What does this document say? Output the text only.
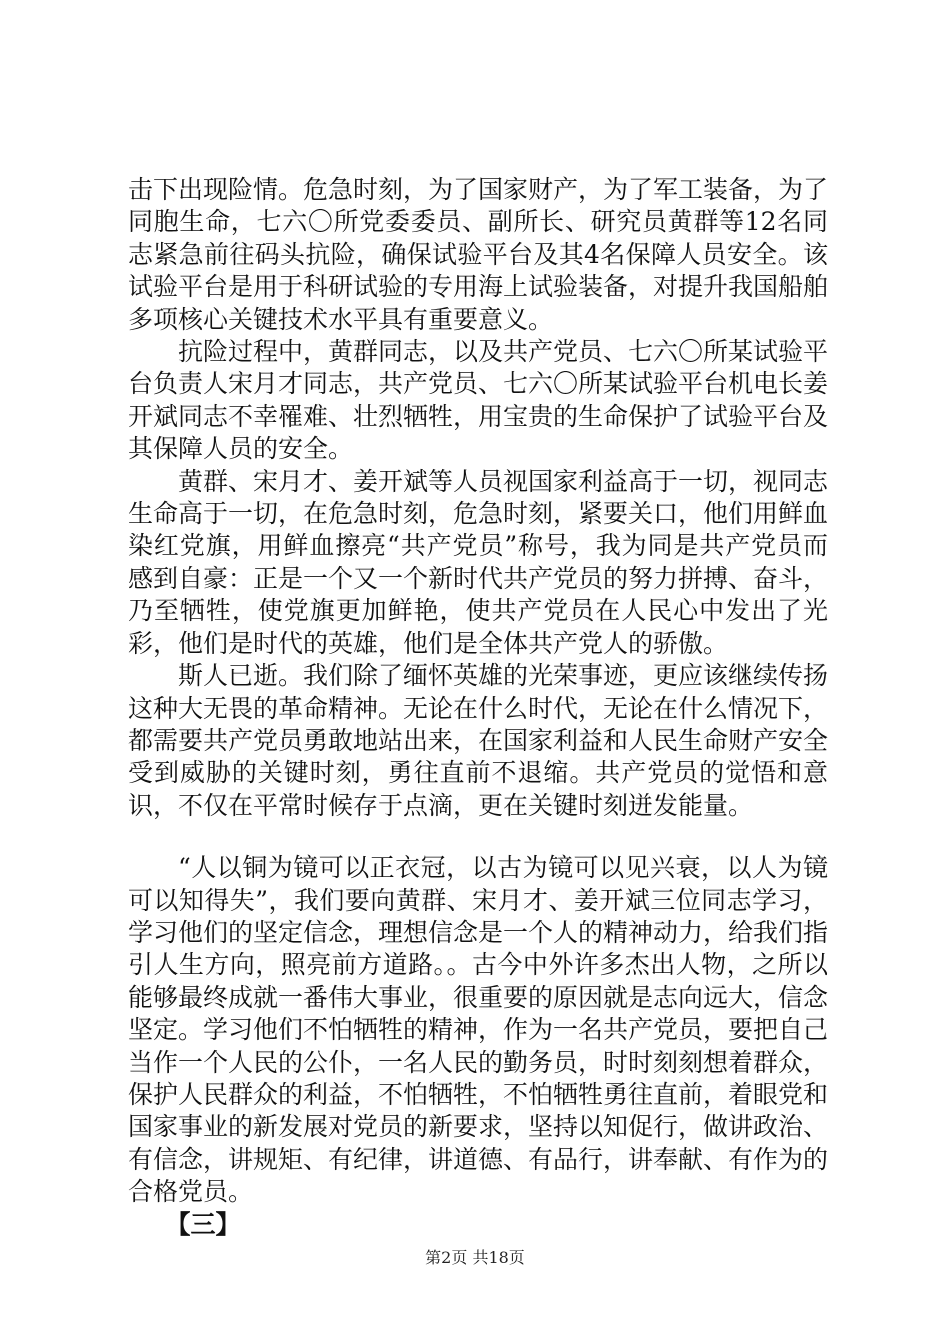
击下出现险情。危急时刻，为了国家财产，为了军工装备，为了同胞生命，七六〇所党委委员、副所长、研究员黄群等12名同志紧急前往码头抗险，确保试验平台及其4名保障人员安全。该试验平台是用于科研试验的专用海上试验装备，对提升我国船舶多项核心关键技术水平具有重要意义。

抗险过程中，黄群同志，以及共产党员、七六〇所某试验平台负责人宋月才同志，共产党员、七六〇所某试验平台机电长姜开斌同志不幸罹难、壮烈牺牲，用宝贵的生命保护了试验平台及其保障人员的安全。

黄群、宋月才、姜开斌等人员视国家利益高于一切，视同志生命高于一切，在危急时刻，危急时刻，紧要关口，他们用鲜血染红党旗，用鲜血擦亮“共产党员”称号，我为同是共产党员而感到自豪：正是一个又一个新时代共产党员的努力拼搏、奋斗，乃至牺牲，使党旗更加鲜艳，使共产党员在人民心中发出了光彩，他们是时代的英雄，他们是全体共产党人的骄傲。

斯人已逝。我们除了缅怀英雄的光荣事迹，更应该继续传扬这种大无畏的革命精神。无论在什么时代，无论在什么情况下，都需要共产党员勇敢地站出来，在国家利益和人民生命财产安全受到威胁的关键时刻，勇往直前不退缩。共产党员的觉悟和意识，不仅在平常时候存于点滴，更在关键时刻迸发能量。

“人以铜为镜可以正衣冠，以古为镜可以见兴衰，以人为镜可以知得失”，我们要向黄群、宋月才、姜开斌三位同志学习，学习他们的坚定信念，理想信念是一个人的精神动力，给我们指引人生方向，照亮前方道路。。古今中外许多杰出人物，之所以能够最终成就一番伟大事业，很重要的原因就是志向远大，信念坚定。学习他们不怕牺牲的精神，作为一名共产党员，要把自己当作一个人民的公仆，一名人民的勤务员，时时刻刻想着群众，保护人民群众的利益，不怕牺牲，不怕牺牲勇往直前，着眼党和国家事业的新发展对党员的新要求，坚持以知促行，做讲政治、有信念，讲规矩、有纪律，讲道德、有品行，讲奉献、有作为的合格党员。

【三】

第2页 共18页
